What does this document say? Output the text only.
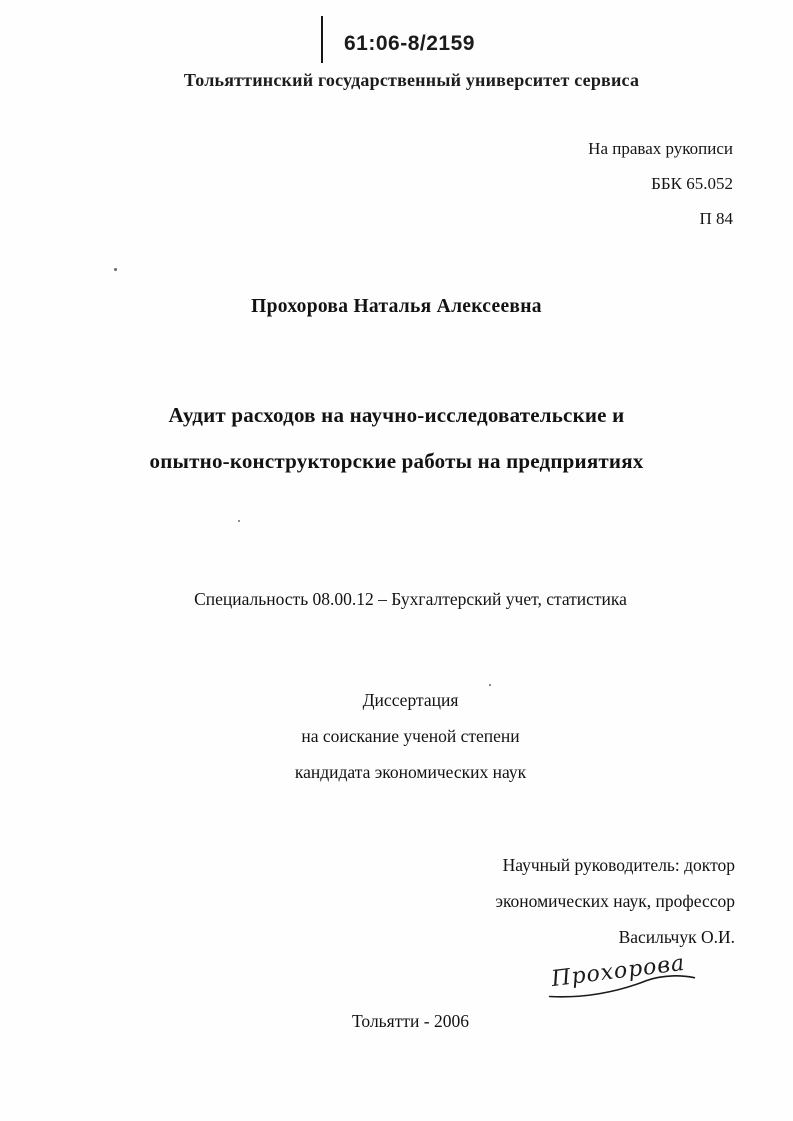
61:06-8/2159
Тольяттинский государственный университет сервиса
На правах рукописи
ББК 65.052
П 84
Прохорова Наталья Алексеевна
Аудит расходов на научно-исследовательские и
опытно-конструкторские работы на предприятиях
Специальность 08.00.12 – Бухгалтерский учет, статистика
Диссертация
на соискание ученой степени
кандидата экономических наук
Научный руководитель: доктор
экономических наук, профессор
Васильчук О.И.
Прохорова
Тольятти - 2006
